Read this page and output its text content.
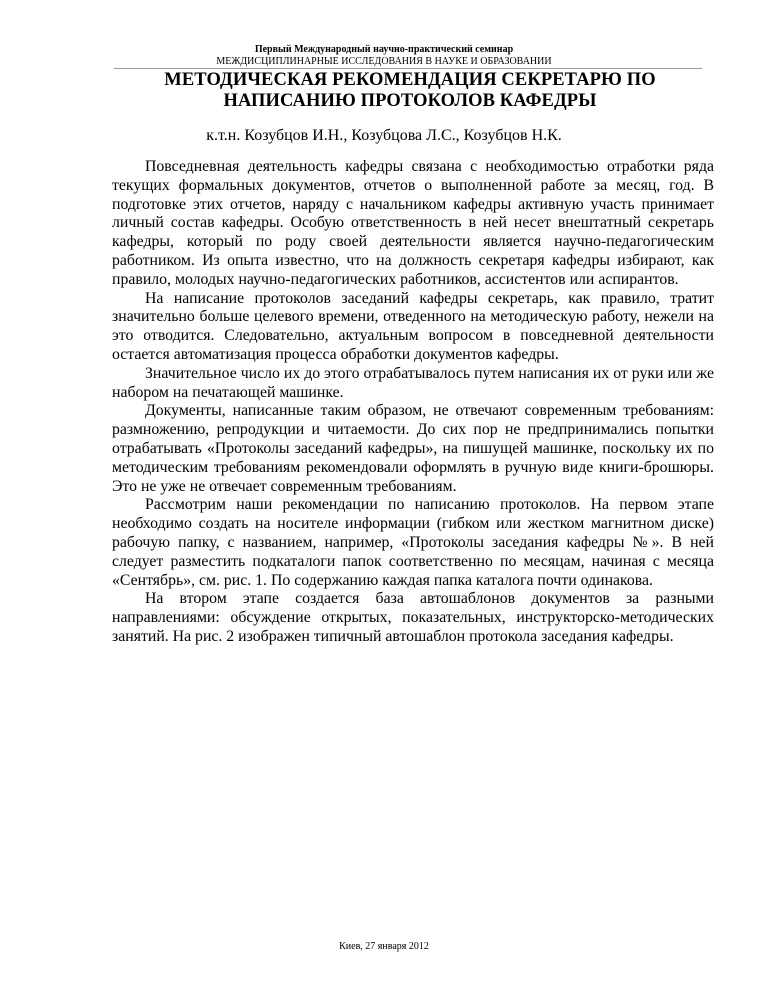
Первый Международный научно-практический семинар
МЕЖДИСЦИПЛИНАРНЫЕ ИССЛЕДОВАНИЯ В НАУКЕ И ОБРАЗОВАНИИ
МЕТОДИЧЕСКАЯ РЕКОМЕНДАЦИЯ СЕКРЕТАРЮ ПО
НАПИСАНИЮ ПРОТОКОЛОВ КАФЕДРЫ
к.т.н. Козубцов И.Н., Козубцова Л.С., Козубцов Н.К.

Повседневная деятельность кафедры связана с необходимостью отработки ряда текущих формальных документов, отчетов о выполненной работе за месяц, год. В подготовке этих отчетов, наряду с начальником кафедры активную участь принимает личный состав кафедры. Особую ответственность в ней несет внештатный секретарь кафедры, который по роду своей деятельности является научно-педагогическим работником. Из опыта известно, что на должность секретаря кафедры избирают, как правило, молодых научно-педагогических работников, ассистентов или аспирантов.

На написание протоколов заседаний кафедры секретарь, как правило, тратит значительно больше целевого времени, отведенного на методическую работу, нежели на это отводится. Следовательно, актуальным вопросом в повседневной деятельности остается автоматизация процесса обработки документов кафедры.

Значительное число их до этого отрабатывалось путем написания их от руки или же набором на печатающей машинке.

Документы, написанные таким образом, не отвечают современным требованиям: размножению, репродукции и читаемости. До сих пор не предпринимались попытки отрабатывать «Протоколы заседаний кафедры», на пишущей машинке, поскольку их по методическим требованиям рекомендовали оформлять в ручную виде книги-брошюры. Это не уже не отвечает современным требованиям.

Рассмотрим наши рекомендации по написанию протоколов. На первом этапе необходимо создать на носителе информации (гибком или жестком магнитном диске) рабочую папку, с названием, например, «Протоколы заседания кафедры №». В ней следует разместить подкаталоги папок соответственно по месяцам, начиная с месяца «Сентябрь», см. рис. 1. По содержанию каждая папка каталога почти одинакова.

На втором этапе создается база автошаблонов документов за разными направлениями: обсуждение открытых, показательных, инструкторско-методических занятий. На рис. 2 изображен типичный автошаблон протокола заседания кафедры.

Киев, 27 января 2012
